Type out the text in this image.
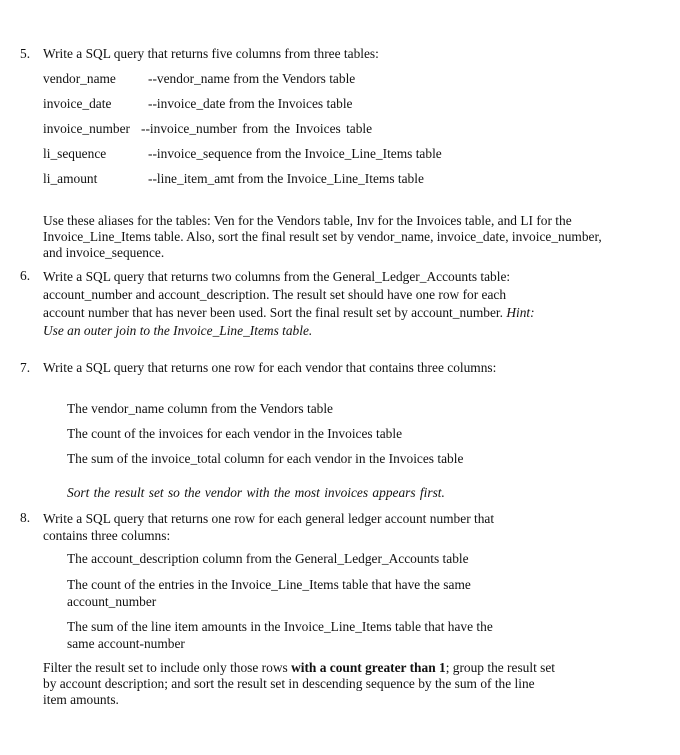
5. Write a SQL query that returns five columns from three tables:
vendor_name --vendor_name from the Vendors table
invoice_date	--invoice_date from the Invoices table
invoice_number --invoice_number from the Invoices table
li_sequence	--invoice_sequence from the Invoice_Line_Items table
li_amount	--line_item_amt from the Invoice_Line_Items table
Use these aliases for the tables: Ven for the Vendors table, Inv for the Invoices table, and LI for the
Invoice_Line_Items table. Also, sort the final result set by vendor_name, invoice_date, invoice_number,
and invoice_sequence.
6. Write a SQL query that returns two columns from the General_Ledger_Accounts table:
account_number and account_description. The result set should have one row for each
account number that has never been used. Sort the final result set by account_number. Hint:
Use an outer join to the Invoice_Line_Items table.
7. Write a SQL query that returns one row for each vendor that contains three columns:
The vendor_name column from the Vendors table
The count of the invoices for each vendor in the Invoices table
The sum of the invoice_total column for each vendor in the Invoices table
Sort the result set so the vendor with the most invoices appears first.
8. Write a SQL query that returns one row for each general ledger account number that
contains three columns:
The account_description column from the General_Ledger_Accounts table
The count of the entries in the Invoice_Line_Items table that have the same
account_number
The sum of the line item amounts in the Invoice_Line_Items table that have the
same account-number
Filter the result set to include only those rows with a count greater than 1; group the result set
by account description; and sort the result set in descending sequence by the sum of the line
item amounts.
